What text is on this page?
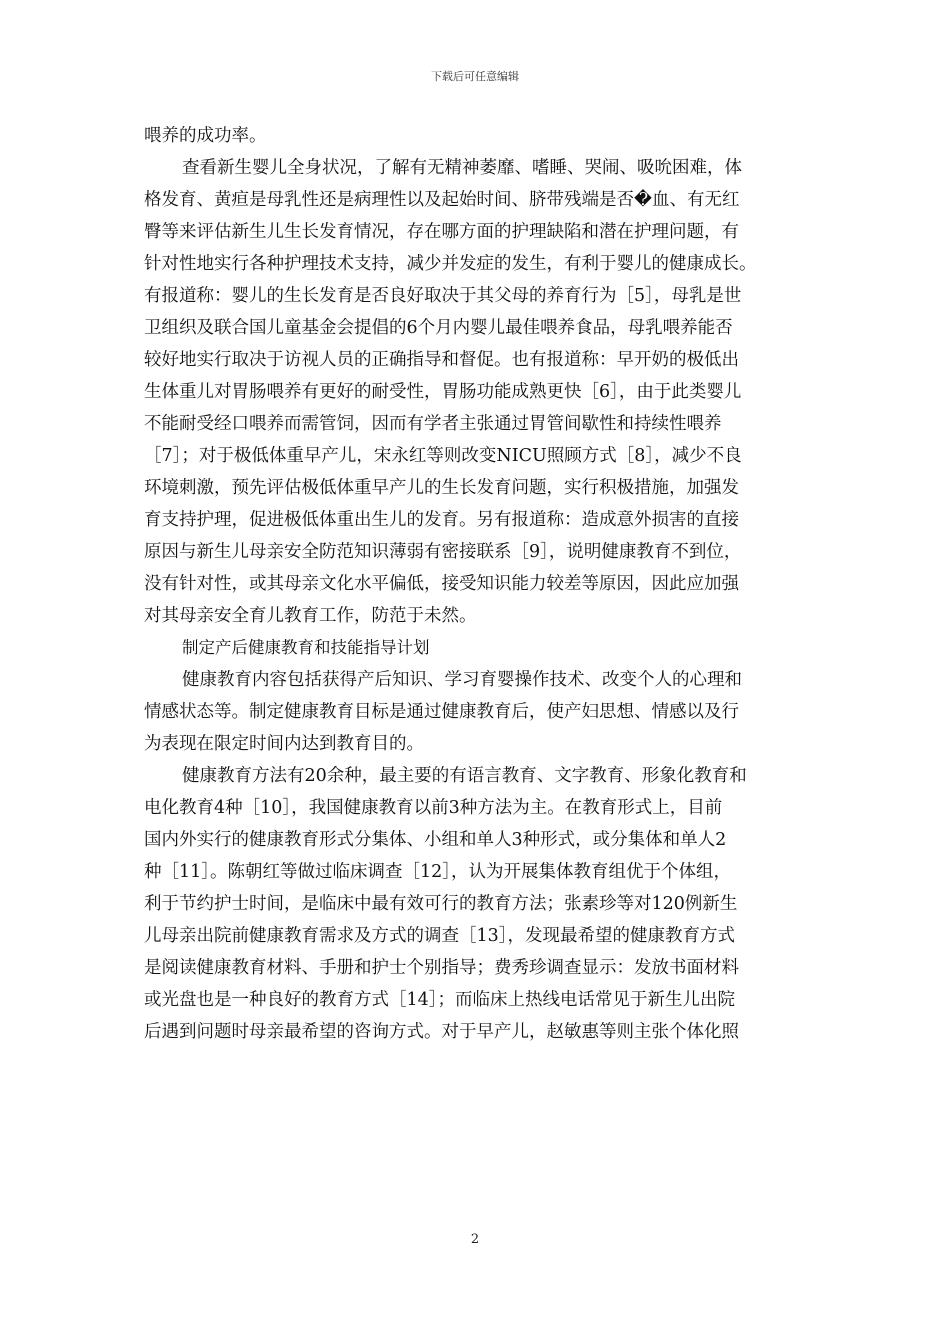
下载后可任意编辑

喂养的成功率。

查看新生婴儿全身状况，了解有无精神萎靡、嗜睡、哭闹、吸吮困难，体

格发育、黄疸是母乳性还是病理性以及起始时间、脐带残端是否�血、有无红

臀等来评估新生儿生长发育情况，存在哪方面的护理缺陷和潜在护理问题，有

针对性地实行各种护理技术支持，减少并发症的发生，有利于婴儿的健康成长。

有报道称：婴儿的生长发育是否良好取决于其父母的养育行为［5］，母乳是世

卫组织及联合国儿童基金会提倡的6个月内婴儿最佳喂养食品，母乳喂养能否

较好地实行取决于访视人员的正确指导和督促。也有报道称：早开奶的极低出

生体重儿对胃肠喂养有更好的耐受性，胃肠功能成熟更快［6］，由于此类婴儿

不能耐受经口喂养而需管饲，因而有学者主张通过胃管间歇性和持续性喂养

［7］；对于极低体重早产儿，宋永红等则改变NICU照顾方式［8］，减少不良

环境刺激，预先评估极低体重早产儿的生长发育问题，实行积极措施，加强发

育支持护理，促进极低体重出生儿的发育。另有报道称：造成意外损害的直接

原因与新生儿母亲安全防范知识薄弱有密接联系［9］，说明健康教育不到位，

没有针对性，或其母亲文化水平偏低，接受知识能力较差等原因，因此应加强

对其母亲安全育儿教育工作，防范于未然。

制定产后健康教育和技能指导计划

健康教育内容包括获得产后知识、学习育婴操作技术、改变个人的心理和

情感状态等。制定健康教育目标是通过健康教育后，使产妇思想、情感以及行

为表现在限定时间内达到教育目的。

健康教育方法有20余种，最主要的有语言教育、文字教育、形象化教育和

电化教育4种［10］，我国健康教育以前3种方法为主。在教育形式上，目前

国内外实行的健康教育形式分集体、小组和单人3种形式，或分集体和单人2

种［11］。陈朝红等做过临床调查［12］，认为开展集体教育组优于个体组，

利于节约护士时间，是临床中最有效可行的教育方法；张素珍等对120例新生

儿母亲出院前健康教育需求及方式的调查［13］，发现最希望的健康教育方式

是阅读健康教育材料、手册和护士个别指导；费秀珍调查显示：发放书面材料

或光盘也是一种良好的教育方式［14］；而临床上热线电话常见于新生儿出院

后遇到问题时母亲最希望的咨询方式。对于早产儿，赵敏惠等则主张个体化照

2
